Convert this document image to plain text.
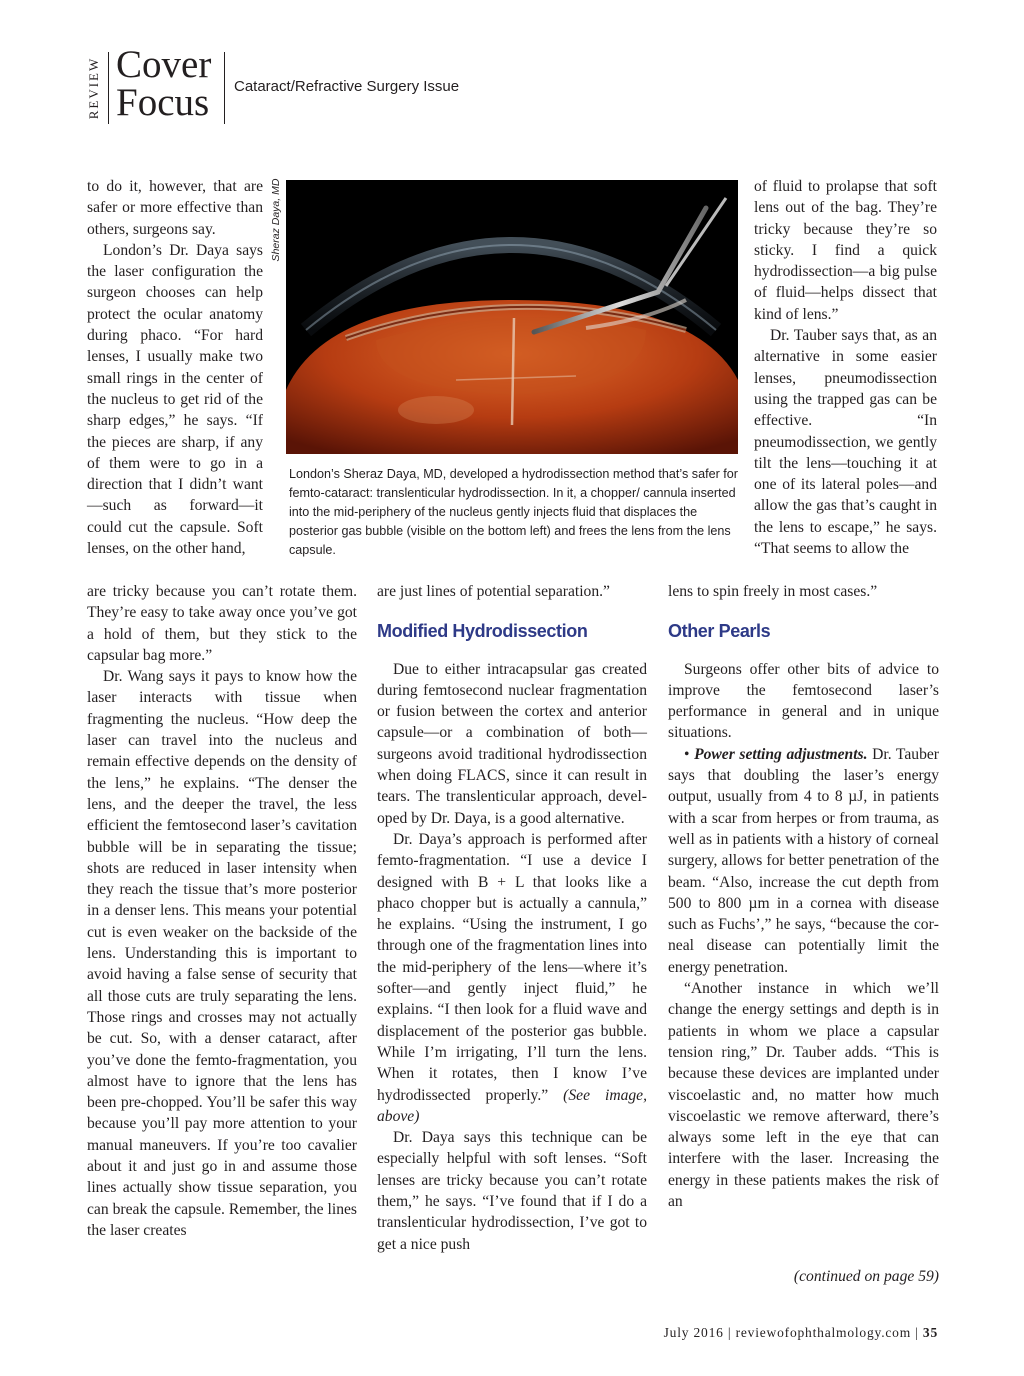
REVIEW Cover
Focus Cataract/Refractive Surgery Issue

to do it, however, that are safer or more effective than others, surgeons say.

London’s Dr. Daya says the laser configuration the surgeon chooses can help protect the ocular anatomy during phaco. “For hard lenses, I usually make two small rings in the center of the nucleus to get rid of the sharp edges,” he says. “If the pieces are sharp, if any of them were to go in a direction that I didn’t want—such as forward—it could cut the capsule. Soft lenses, on the other hand,

Sheraz Daya, MD
London’s Sheraz Daya, MD, developed a hydrodissection method that’s safer for femto-cataract: translenticular hydrodissection. In it, a chopper/ cannula inserted into the mid-periphery of the nucleus gently injects fluid that displaces the posterior gas bubble (visible on the bottom left) and frees the lens from the lens capsule.

of fluid to prolapse that soft lens out of the bag. They’re tricky because they’re so sticky. I find a quick hydrodissection—a big pulse of fluid—helps dissect that kind of lens.”

Dr. Tauber says that, as an alternative in some easier lenses, pneumodissection using the trapped gas can be effective. “In pneumodissection, we gently tilt the lens—touching it at one of its lateral poles—and allow the gas that’s caught in the lens to escape,” he says. “That seems to allow the

are tricky because you can’t rotate them. They’re easy to take away once you’ve got a hold of them, but they stick to the capsular bag more.”

Dr. Wang says it pays to know how the laser interacts with tissue when fragmenting the nucleus. “How deep the laser can travel into the nucleus and remain effective depends on the density of the lens,” he explains. “The denser the lens, and the deeper the travel, the less efficient the femtosecond laser’s cavitation bubble will be in separating the tissue; shots are reduced in laser intensity when they reach the tissue that’s more posterior in a denser lens. This means your potential cut is even weaker on the backside of the lens. Understanding this is important to avoid having a false sense of security that all those cuts are truly separating the lens. Those rings and crosses may not actually be cut. So, with a denser cataract, after you’ve done the femto-fragmentation, you almost have to ignore that the lens has been pre-chopped. You’ll be safer this way because you’ll pay more attention to your manual maneuvers. If you’re too cavalier about it and just go in and assume those lines actually show tissue separation, you can break the capsule. Remember, the lines the laser creates

are just lines of potential separation.”

Modified Hydrodissection

Due to either intracapsular gas created during femtosecond nuclear fragmentation or fusion between the cortex and anterior capsule—or a combination of both—surgeons avoid traditional hydrodissection when doing FLACS, since it can result in tears. The translenticular approach, developed by Dr. Daya, is a good alternative.

Dr. Daya’s approach is performed after femto-fragmentation. “I use a device I designed with B + L that looks like a phaco chopper but is actually a cannula,” he explains. “Using the instrument, I go through one of the fragmentation lines into the mid-periphery of the lens—where it’s softer—and gently inject fluid,” he explains. “I then look for a fluid wave and displacement of the posterior gas bubble. While I’m irrigating, I’ll turn the lens. When it rotates, then I know I’ve hydrodissected properly.” (See image, above)

Dr. Daya says this technique can be especially helpful with soft lenses. “Soft lenses are tricky because you can’t rotate them,” he says. “I’ve found that if I do a translenticular hydrodissection, I’ve got to get a nice push

lens to spin freely in most cases.”

Other Pearls

Surgeons offer other bits of advice to improve the femtosecond laser’s performance in general and in unique situations.

• Power setting adjustments. Dr. Tauber says that doubling the laser’s energy output, usually from 4 to 8 µJ, in patients with a scar from herpes or from trauma, as well as in patients with a history of corneal surgery, allows for better penetration of the beam. “Also, increase the cut depth from 500 to 800 µm in a cornea with disease such as Fuchs’,” he says, “because the corneal disease can potentially limit the energy penetration.

“Another instance in which we’ll change the energy settings and depth is in patients in whom we place a capsular tension ring,” Dr. Tauber adds. “This is because these devices are implanted under viscoelastic and, no matter how much viscoelastic we remove afterward, there’s always some left in the eye that can interfere with the laser. Increasing the energy in these patients makes the risk of an

(continued on page 59)
July 2016 | reviewofophthalmology.com | 35
